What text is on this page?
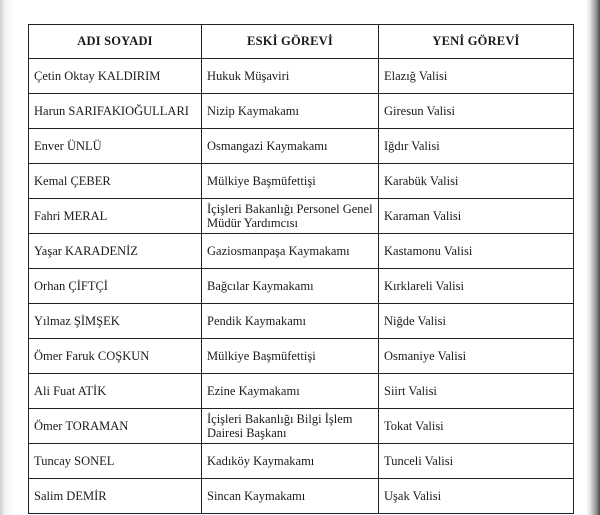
ADI SOYADI	ESKİ GÖREVİ	YENİ GÖREVİ
Çetin Oktay KALDIRIM	Hukuk Müşaviri	Elazığ Valisi
Harun SARIFAKIOĞULLARI	Nizip Kaymakamı	Giresun Valisi
Enver ÜNLÜ	Osmangazi Kaymakamı	Iğdır Valisi
Kemal ÇEBER	Mülkiye Başmüfettişi	Karabük Valisi
Fahri MERAL	İçişleri Bakanlığı Personel Genel Müdür Yardımcısı	Karaman Valisi
Yaşar KARADENİZ	Gaziosmanpaşa Kaymakamı	Kastamonu Valisi
Orhan ÇİFTÇİ	Bağcılar Kaymakamı	Kırklareli Valisi
Yılmaz ŞİMŞEK	Pendik Kaymakamı	Niğde Valisi
Ömer Faruk COŞKUN	Mülkiye Başmüfettişi	Osmaniye Valisi
Ali Fuat ATİK	Ezine Kaymakamı	Siirt Valisi
Ömer TORAMAN	İçişleri Bakanlığı Bilgi İşlem Dairesi Başkanı	Tokat Valisi
Tuncay SONEL	Kadıköy Kaymakamı	Tunceli Valisi
Salim DEMİR	Sincan Kaymakamı	Uşak Valisi
